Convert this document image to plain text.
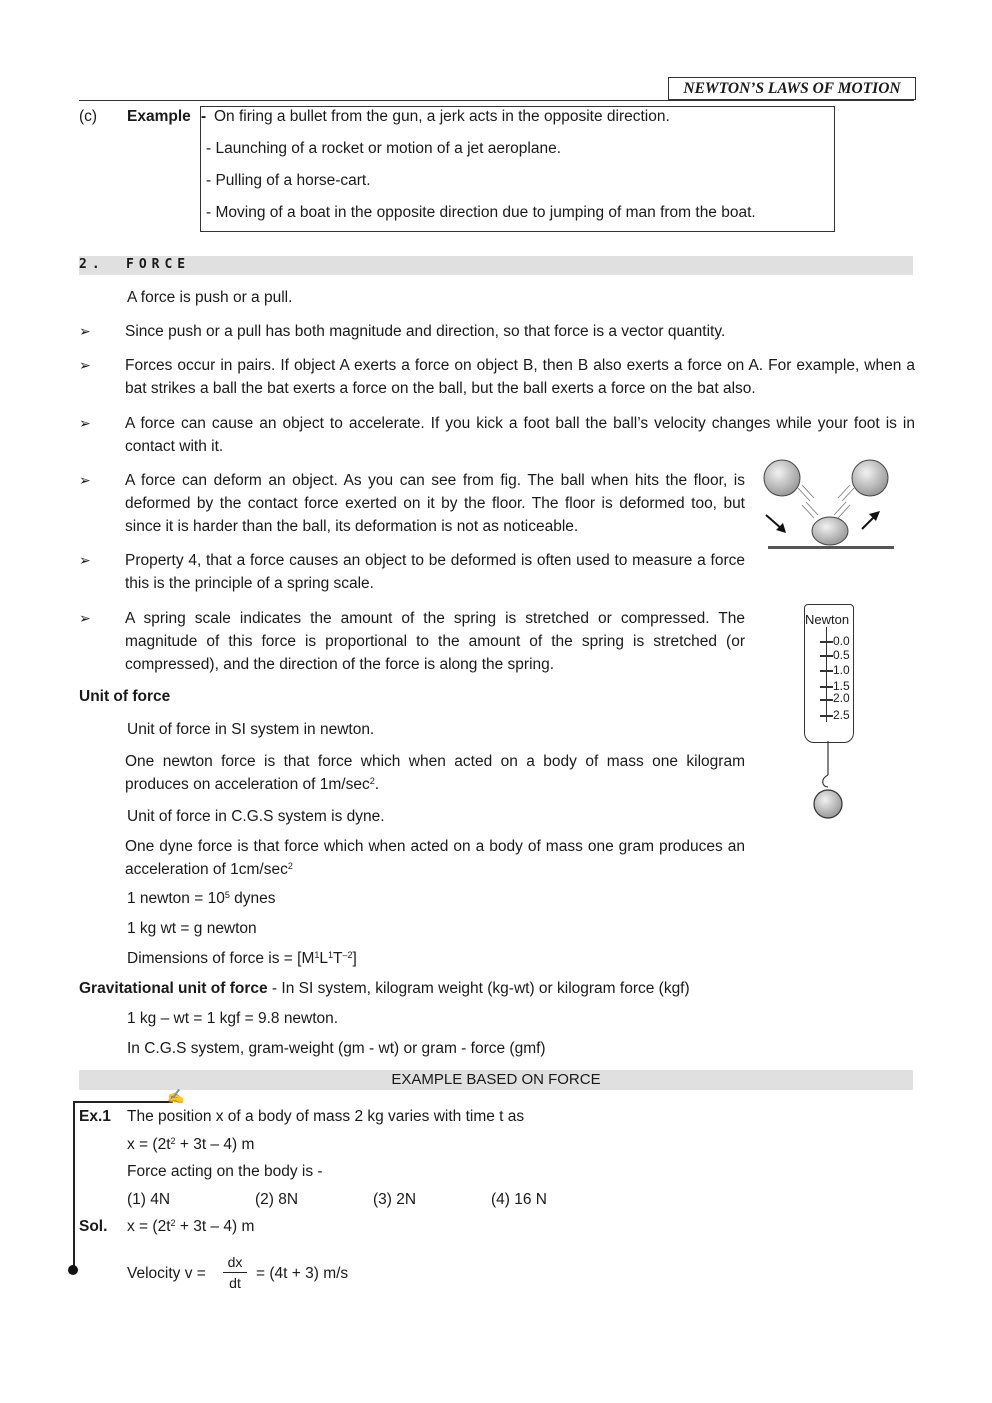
NEWTON’S LAWS OF MOTION
(c) Example - On firing a bullet from the gun, a jerk acts in the opposite direction.
- Launching of a rocket or motion of a jet aeroplane.
- Pulling of a horse-cart.
- Moving of a boat in the opposite direction due to jumping of man from the boat.
2. FORCE
A force is push or a pull.
➢ Since push or a pull has both magnitude and direction, so that force is a vector quantity.
➢ Forces occur in pairs. If object A exerts a force on object B, then B also exerts a force on A. For example, when a bat strikes a ball the bat exerts a force on the ball, but the ball exerts a force on the bat also.
➢ A force can cause an object to accelerate. If you kick a foot ball the ball’s velocity changes while your foot is in contact with it.
➢ A force can deform an object. As you can see from fig. The ball when hits the floor, is deformed by the contact force exerted on it by the floor. The floor is deformed too, but since it is harder than the ball, its deformation is not as noticeable.
➢ Property 4, that a force causes an object to be deformed is often used to measure a force this is the principle of a spring scale.
➢ A spring scale indicates the amount of the spring is stretched or compressed. The magnitude of this force is proportional to the amount of the spring is stretched (or compressed), and the direction of the force is along the spring.
Newton
0.0
0.5
1.0
1.5
2.0
2.5
Unit of force
Unit of force in SI system in newton.
One newton force is that force which when acted on a body of mass one kilogram produces on acceleration of $1m/\sec^2$.
Unit of force in C.G.S system is dyne.
One dyne force is that force which when acted on a body of mass one gram produces an acceleration of $1cm/\sec^2$
1 newton = $10^5$ dynes
1 kg wt = g newton
Dimensions of force is = $[M^1L^1T^{-2}]$
Gravitational unit of force - In SI system, kilogram weight (kg-wt) or kilogram force (kgf)
1 kg – wt = 1 kgf = 9.8 newton.
In C.G.S system, gram-weight (gm - wt) or gram - force (gmf)
EXAMPLE BASED ON FORCE
✍
Ex.1 The position x of a body of mass 2 kg varies with time t as
$x = (2t^2 + 3t - 4)$ m
Force acting on the body is -
(1) 4N	(2) 8N	(3) 2N	(4) 16 N
Sol. $x = (2t^2 + 3t - 4)$ m
Velocity $v = \frac{dx}{dt} = (4t + 3)$ m/s
